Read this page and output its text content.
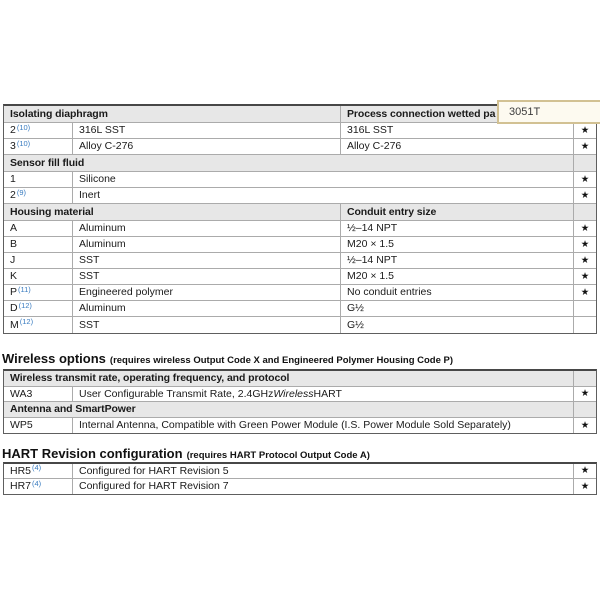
Isolating diaphragm	Process connection wetted pa
2 (10)	316L SST	316L SST	★
3 (10)	Alloy C-276	Alloy C-276	★
Sensor fill fluid
1	Silicone	★
2 (9)	Inert	★
Housing material	Conduit entry size
A	Aluminum	½–14 NPT	★
B	Aluminum	M20 × 1.5	★
J	SST	½–14 NPT	★
K	SST	M20 × 1.5	★
P (11)	Engineered polymer	No conduit entries	★
D (12)	Aluminum	G½
M (12)	SST	G½
Wireless options (requires wireless Output Code X and Engineered Polymer Housing Code P)
Wireless transmit rate, operating frequency, and protocol
WA3	User Configurable Transmit Rate, 2.4GHz Wireless HART	★
Antenna and SmartPower
WP5	Internal Antenna, Compatible with Green Power Module (I.S. Power Module Sold Separately)	★
HART Revision configuration (requires HART Protocol Output Code A)
HR5 (4)	Configured for HART Revision 5	★
HR7 (4)	Configured for HART Revision 7	★
3051T
